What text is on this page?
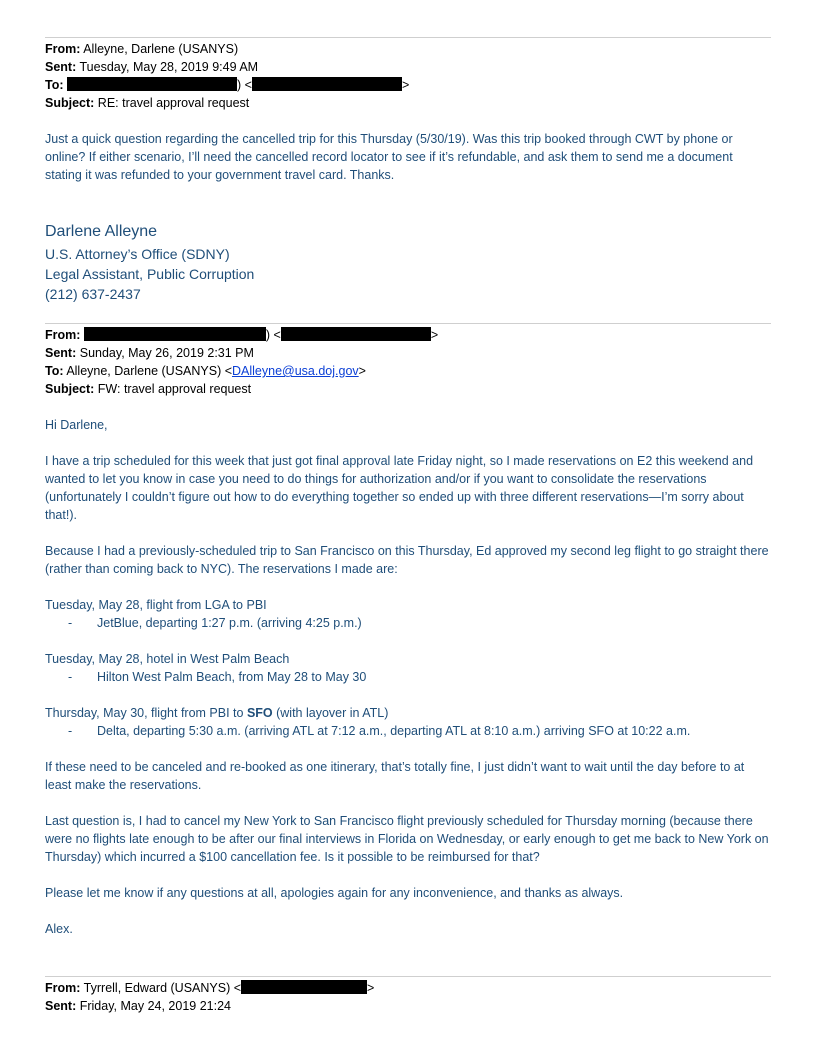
From: Alleyne, Darlene (USANYS)
Sent: Tuesday, May 28, 2019 9:49 AM
To:	) <	>
Subject: RE: travel approval request
Just a quick question regarding the cancelled trip for this Thursday (5/30/19). Was this trip booked through CWT by phone or online? If either scenario, I’ll need the cancelled record locator to see if it’s refundable, and ask them to send me a document stating it was refunded to your government travel card. Thanks.
Darlene Alleyne
U.S. Attorney’s Office (SDNY)
Legal Assistant, Public Corruption
(212) 637-2437
From:	) <	>
Sent: Sunday, May 26, 2019 2:31 PM
To: Alleyne, Darlene (USANYS) <DAlleyne@usa.doj.gov>
Subject: FW: travel approval request
Hi Darlene,
I have a trip scheduled for this week that just got final approval late Friday night, so I made reservations on E2 this weekend and wanted to let you know in case you need to do things for authorization and/or if you want to consolidate the reservations (unfortunately I couldn’t figure out how to do everything together so ended up with three different reservations—I’m sorry about that!).
Because I had a previously-scheduled trip to San Francisco on this Thursday, Ed approved my second leg flight to go straight there (rather than coming back to NYC). The reservations I made are:
Tuesday, May 28, flight from LGA to PBI
- JetBlue, departing 1:27 p.m. (arriving 4:25 p.m.)
Tuesday, May 28, hotel in West Palm Beach
- Hilton West Palm Beach, from May 28 to May 30
Thursday, May 30, flight from PBI to SFO (with layover in ATL)
- Delta, departing 5:30 a.m. (arriving ATL at 7:12 a.m., departing ATL at 8:10 a.m.) arriving SFO at 10:22 a.m.
If these need to be canceled and re-booked as one itinerary, that’s totally fine, I just didn’t want to wait until the day before to at least make the reservations.
Last question is, I had to cancel my New York to San Francisco flight previously scheduled for Thursday morning (because there were no flights late enough to be after our final interviews in Florida on Wednesday, or early enough to get me back to New York on Thursday) which incurred a $100 cancellation fee. Is it possible to be reimbursed for that?
Please let me know if any questions at all, apologies again for any inconvenience, and thanks as always.
Alex.
From: Tyrrell, Edward (USANYS) <	>
Sent: Friday, May 24, 2019 21:24
